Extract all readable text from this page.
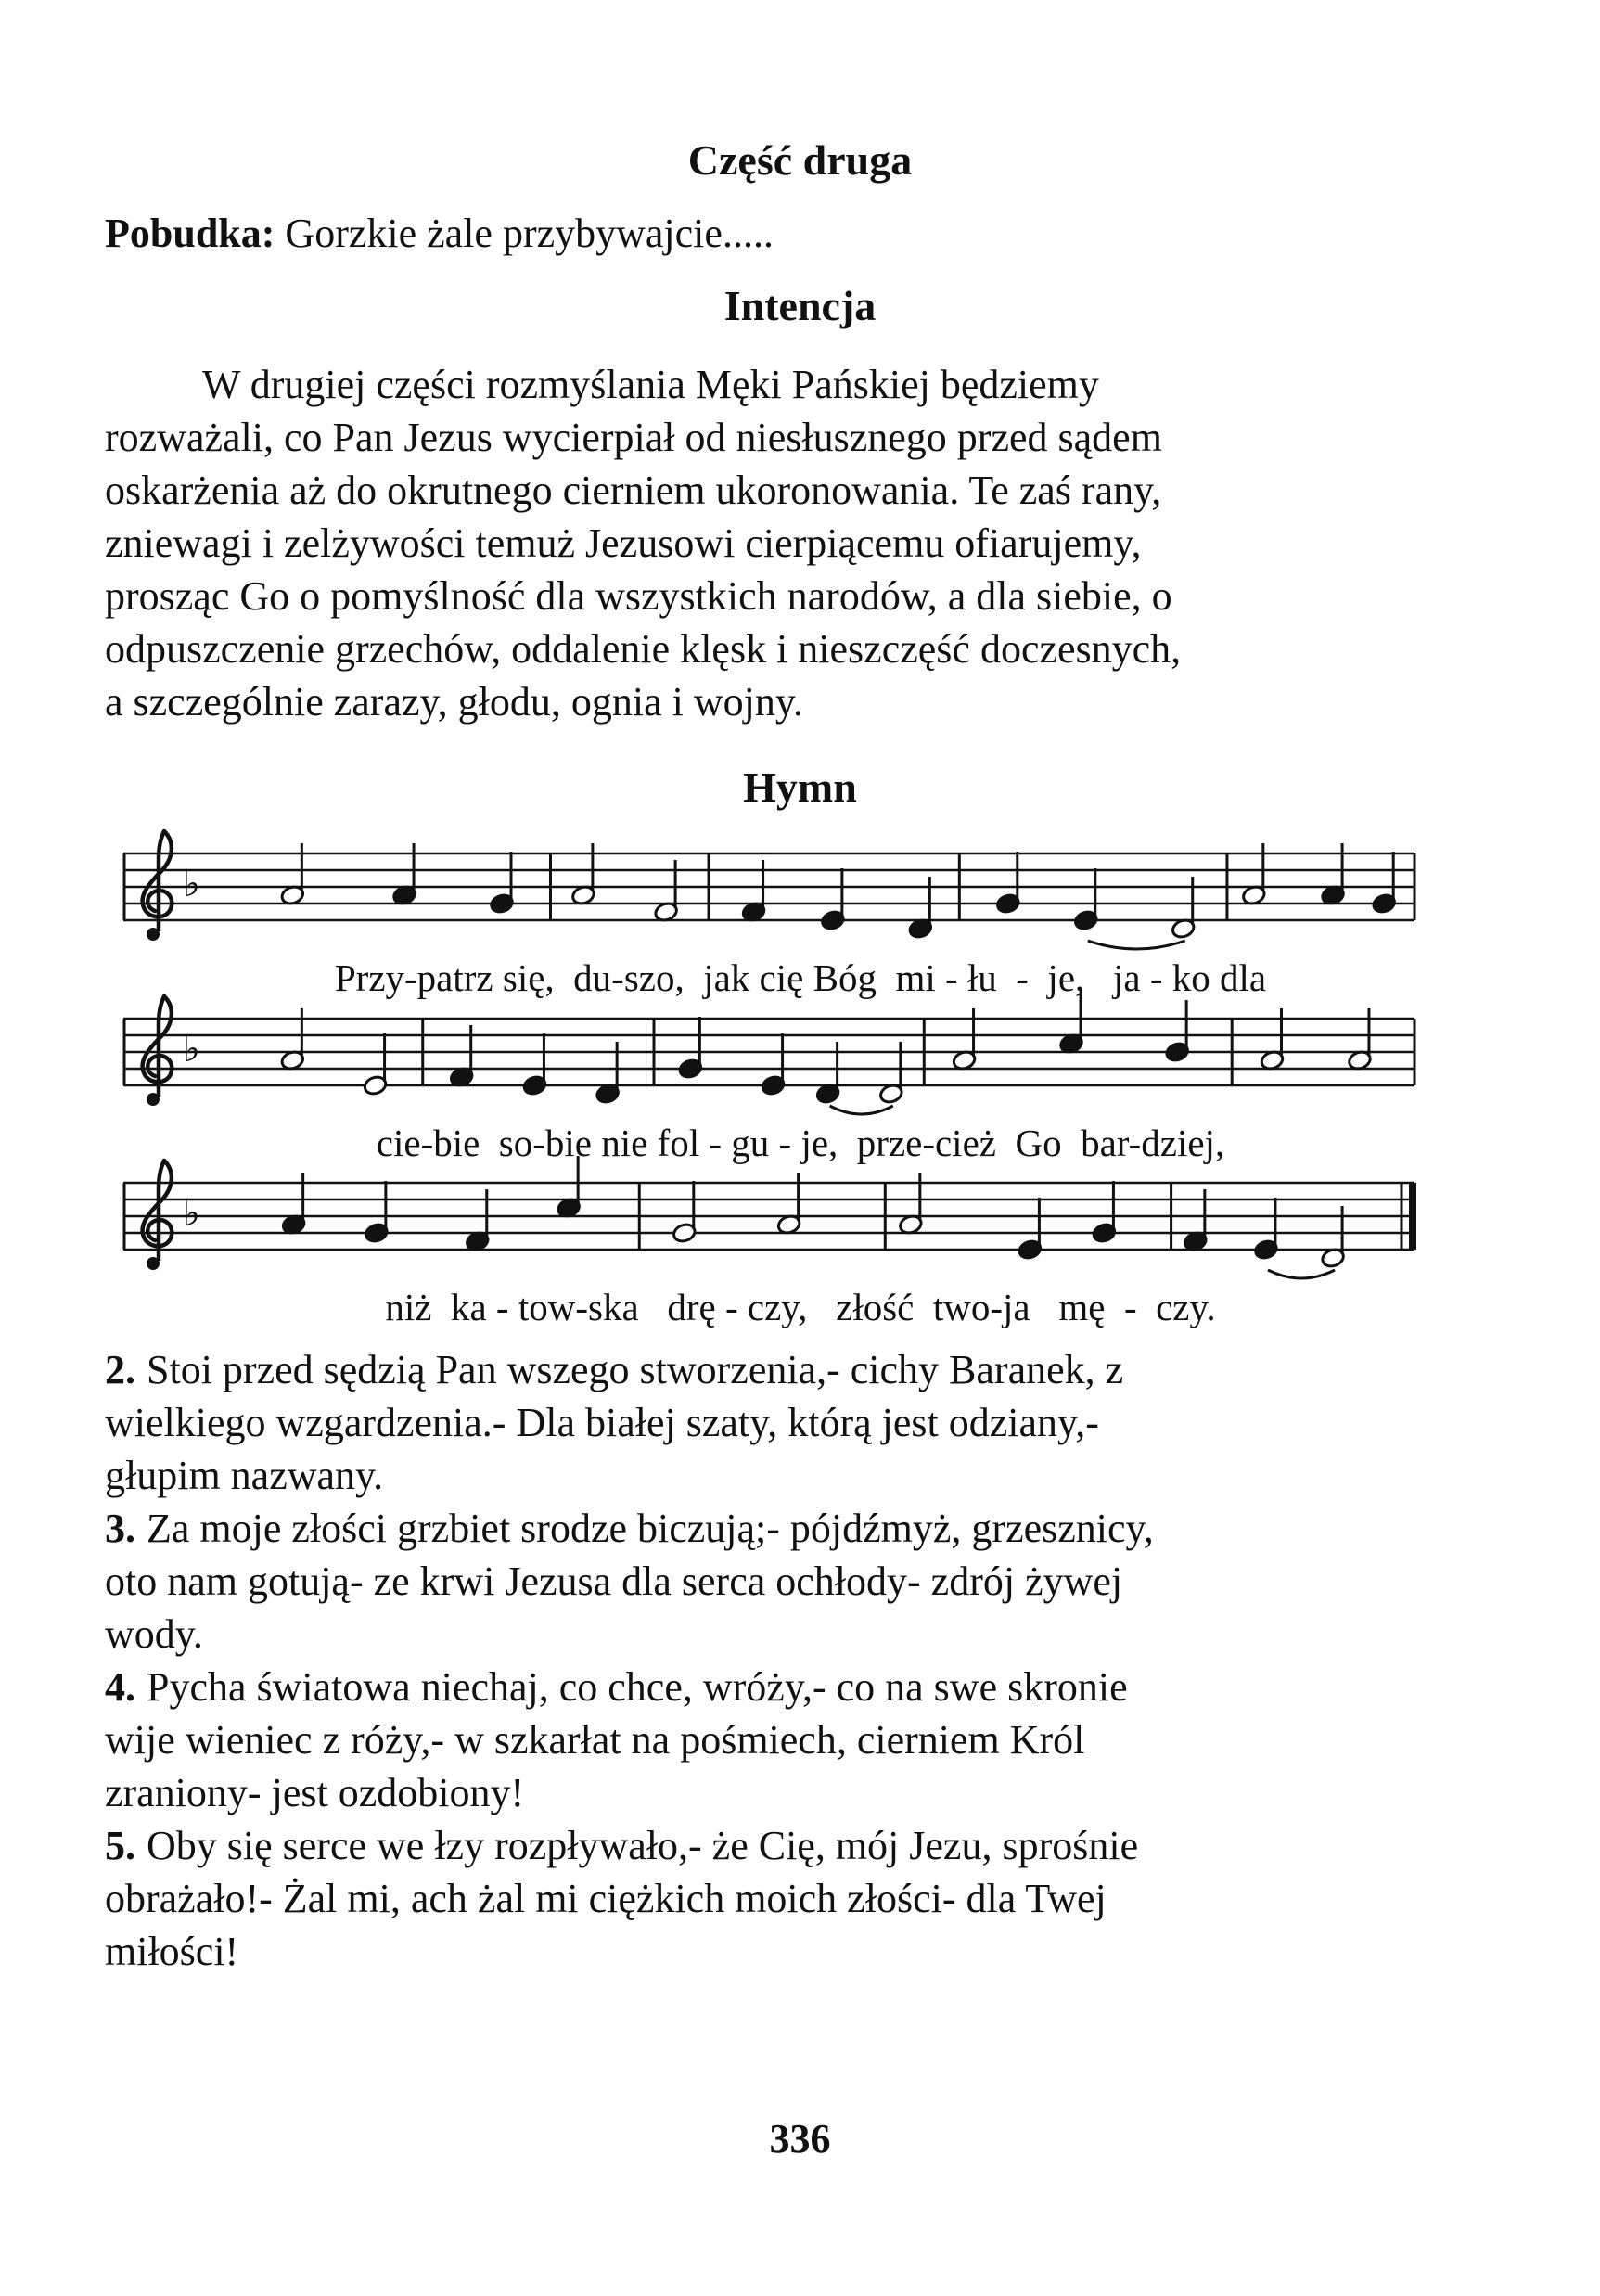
Część druga
Pobudka: Gorzkie żale przybywajcie.....
Intencja
W drugiej części rozmyślania Męki Pańskiej będziemy
rozważali, co Pan Jezus wycierpiał od niesłusznego przed sądem
oskarżenia aż do okrutnego cierniem ukoronowania. Te zaś rany,
zniewagi i zelżywości temuż Jezusowi cierpiącemu ofiarujemy,
prosząc Go o pomyślność dla wszystkich narodów, a dla siebie, o
odpuszczenie grzechów, oddalenie klęsk i nieszczęść doczesnych,
a szczególnie zarazy, głodu, ognia i wojny.
Hymn
♭
Przy-patrz się,  du-szo,  jak cię Bóg  mi - łu  -  je,   ja - ko dla
♭
cie-bie  so-bie nie fol - gu - je,  prze-cież  Go  bar-dziej,
♭
niż  ka - tow-ska   drę - czy,   złość  two-ja   mę  -  czy.

2. Stoi przed sędzią Pan wszego stworzenia,- cichy Baranek, z
wielkiego wzgardzenia.- Dla białej szaty, którą jest odziany,-
głupim nazwany.

3. Za moje złości grzbiet srodze biczują;- pójdźmyż, grzesznicy,
oto nam gotują- ze krwi Jezusa dla serca ochłody- zdrój żywej
wody.

4. Pycha światowa niechaj, co chce, wróży,- co na swe skronie
wije wieniec z róży,- w szkarłat na pośmiech, cierniem Król
zraniony- jest ozdobiony!

5. Oby się serce we łzy rozpływało,- że Cię, mój Jezu, sprośnie
obrażało!- Żal mi, ach żal mi ciężkich moich złości- dla Twej
miłości!

336
